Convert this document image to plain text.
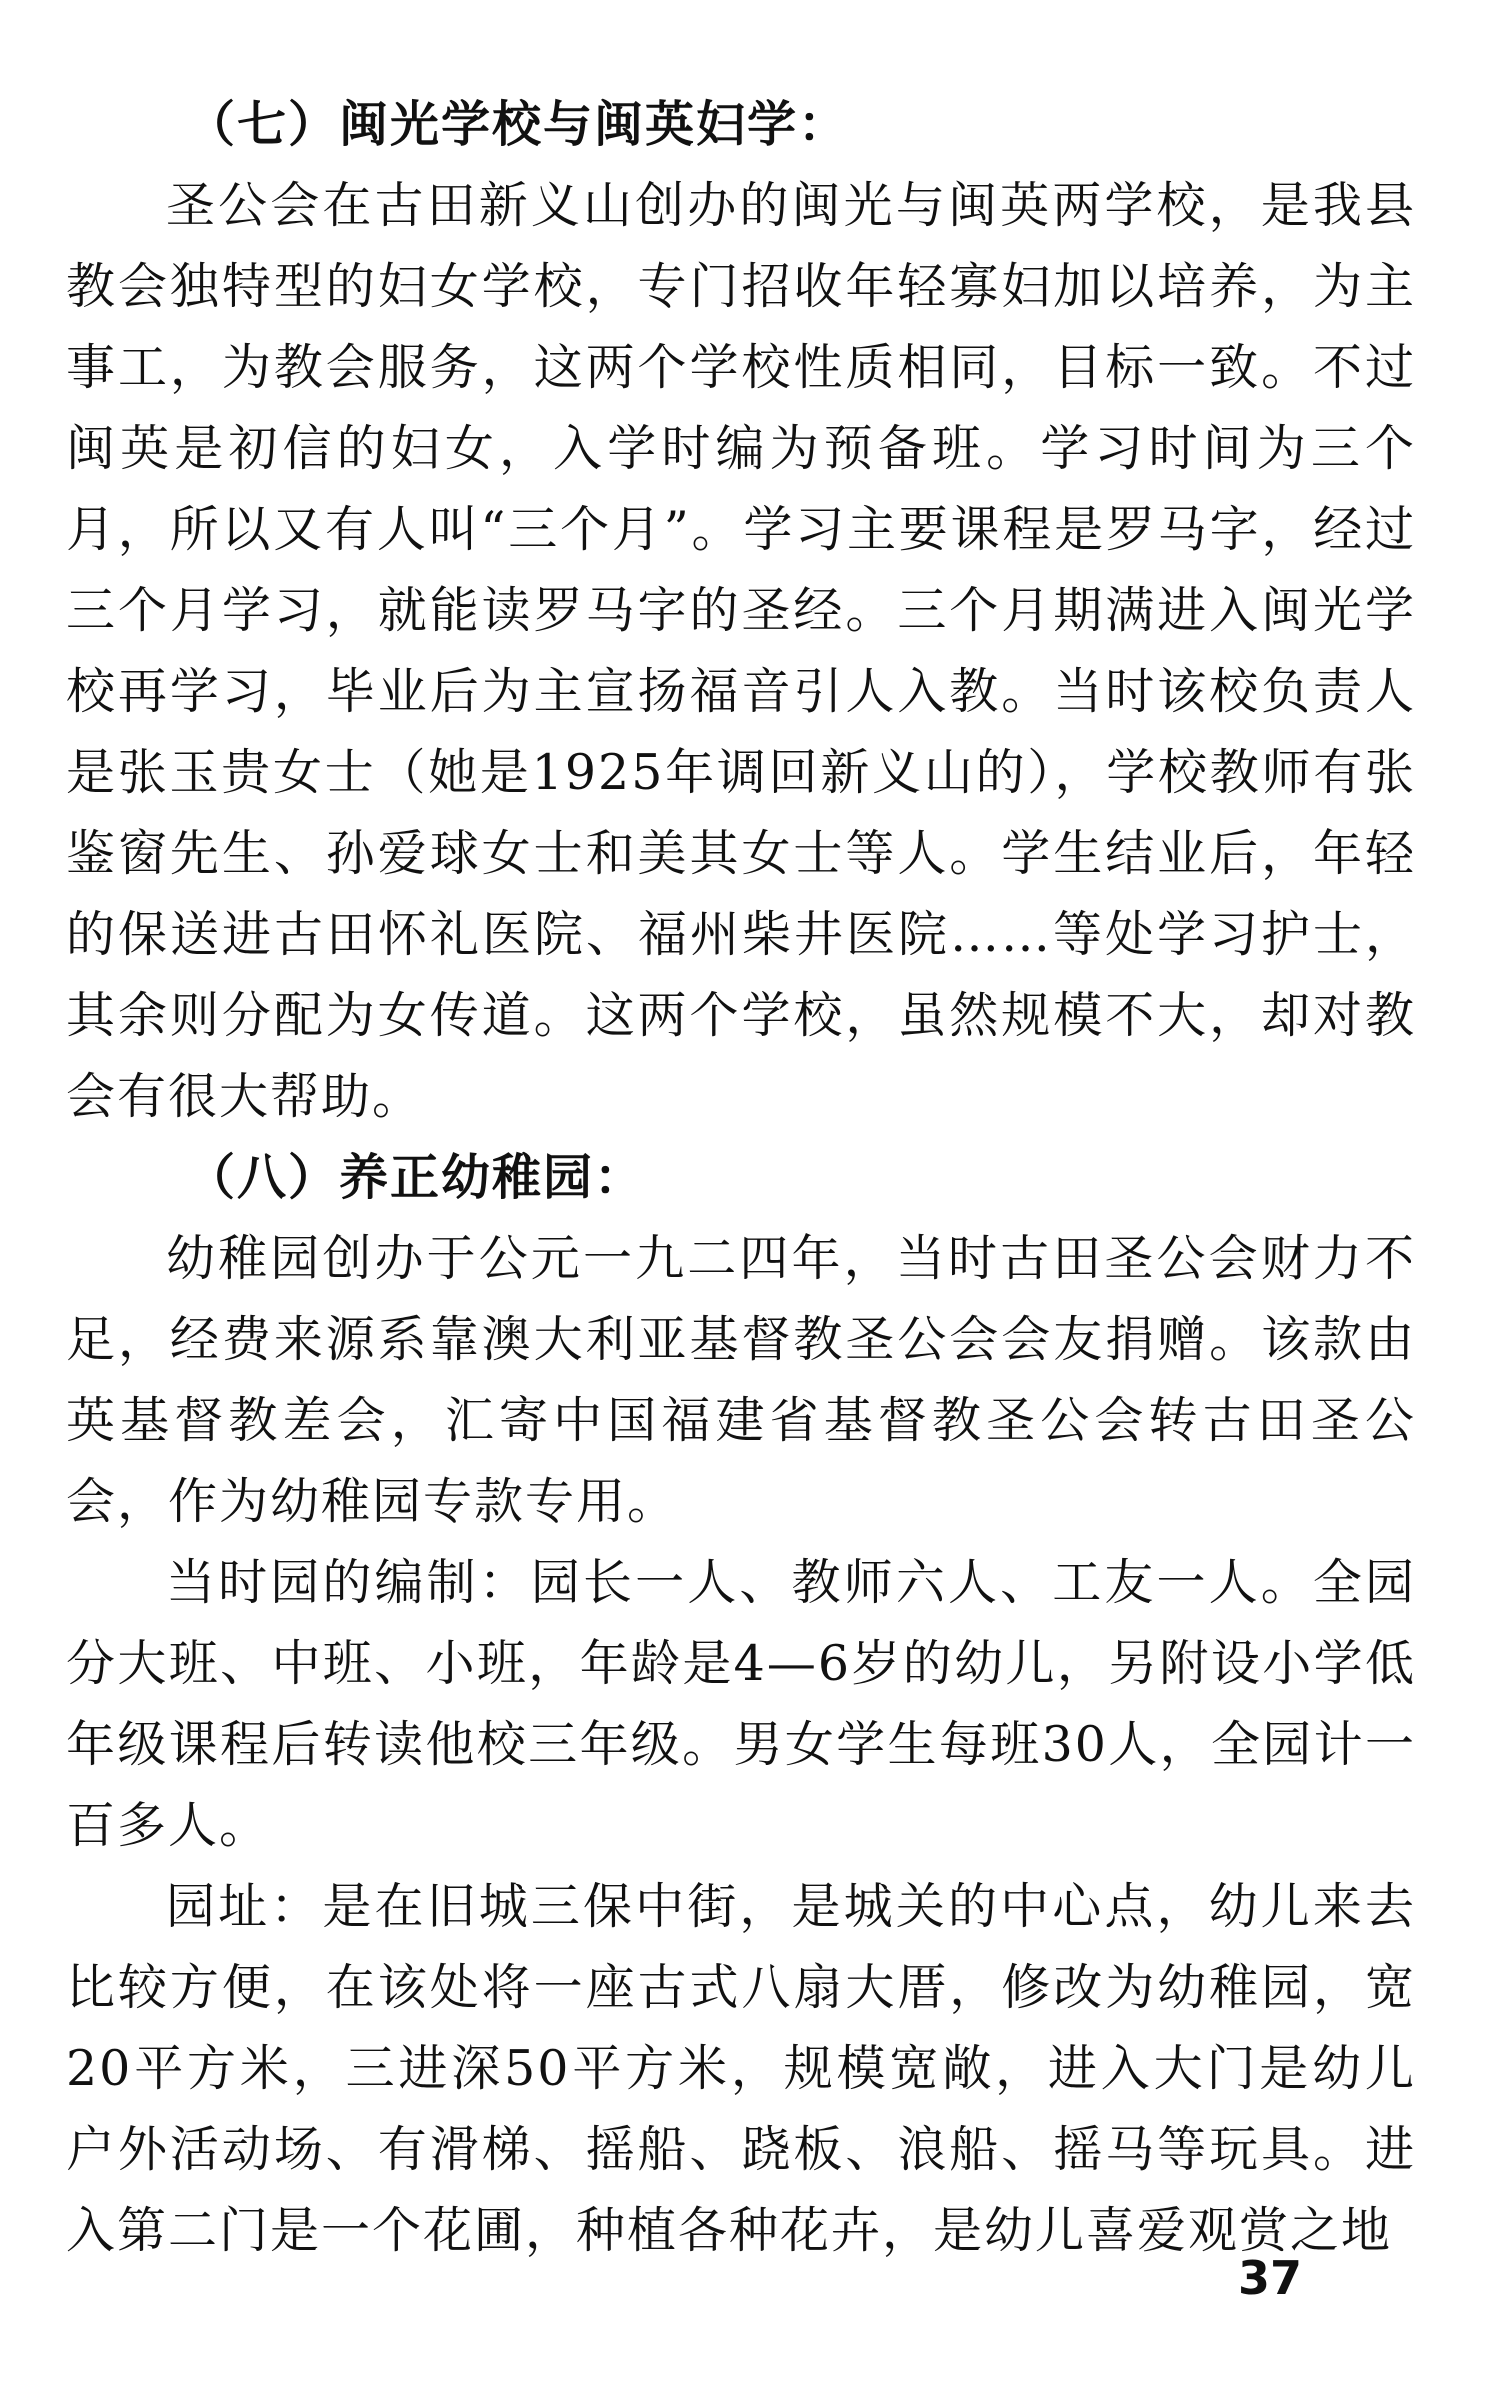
（七）闽光学校与闽英妇学：

圣公会在古田新义山创办的闽光与闽英两学校，是我县教会独特型的妇女学校，专门招收年轻寡妇加以培养，为主事工，为教会服务，这两个学校性质相同，目标一致。不过闽英是初信的妇女，入学时编为预备班。学习时间为三个月，所以又有人叫“三个月”。学习主要课程是罗马字，经过三个月学习，就能读罗马字的圣经。三个月期满进入闽光学校再学习，毕业后为主宣扬福音引人入教。当时该校负责人是张玉贵女士（她是1925年调回新义山的），学校教师有张鉴窗先生、孙爱球女士和美其女士等人。学生结业后，年轻的保送进古田怀礼医院、福州柴井医院……等处学习护士，其余则分配为女传道。这两个学校，虽然规模不大，却对教会有很大帮助。

（八）养正幼稚园：

幼稚园创办于公元一九二四年，当时古田圣公会财力不足，经费来源系靠澳大利亚基督教圣公会会友捐赠。该款由英基督教差会，汇寄中国福建省基督教圣公会转古田圣公会，作为幼稚园专款专用。

当时园的编制：园长一人、教师六人、工友一人。全园分大班、中班、小班，年龄是4—6岁的幼儿，另附设小学低年级课程后转读他校三年级。男女学生每班30人，全园计一百多人。

园址：是在旧城三保中街，是城关的中心点，幼儿来去比较方便，在该处将一座古式八扇大厝，修改为幼稚园，宽20平方米，三进深50平方米，规模宽敞，进入大门是幼儿户外活动场、有滑梯、摇船、跷板、浪船、摇马等玩具。进入第二门是一个花圃，种植各种花卉，是幼儿喜爱观赏之地

37
